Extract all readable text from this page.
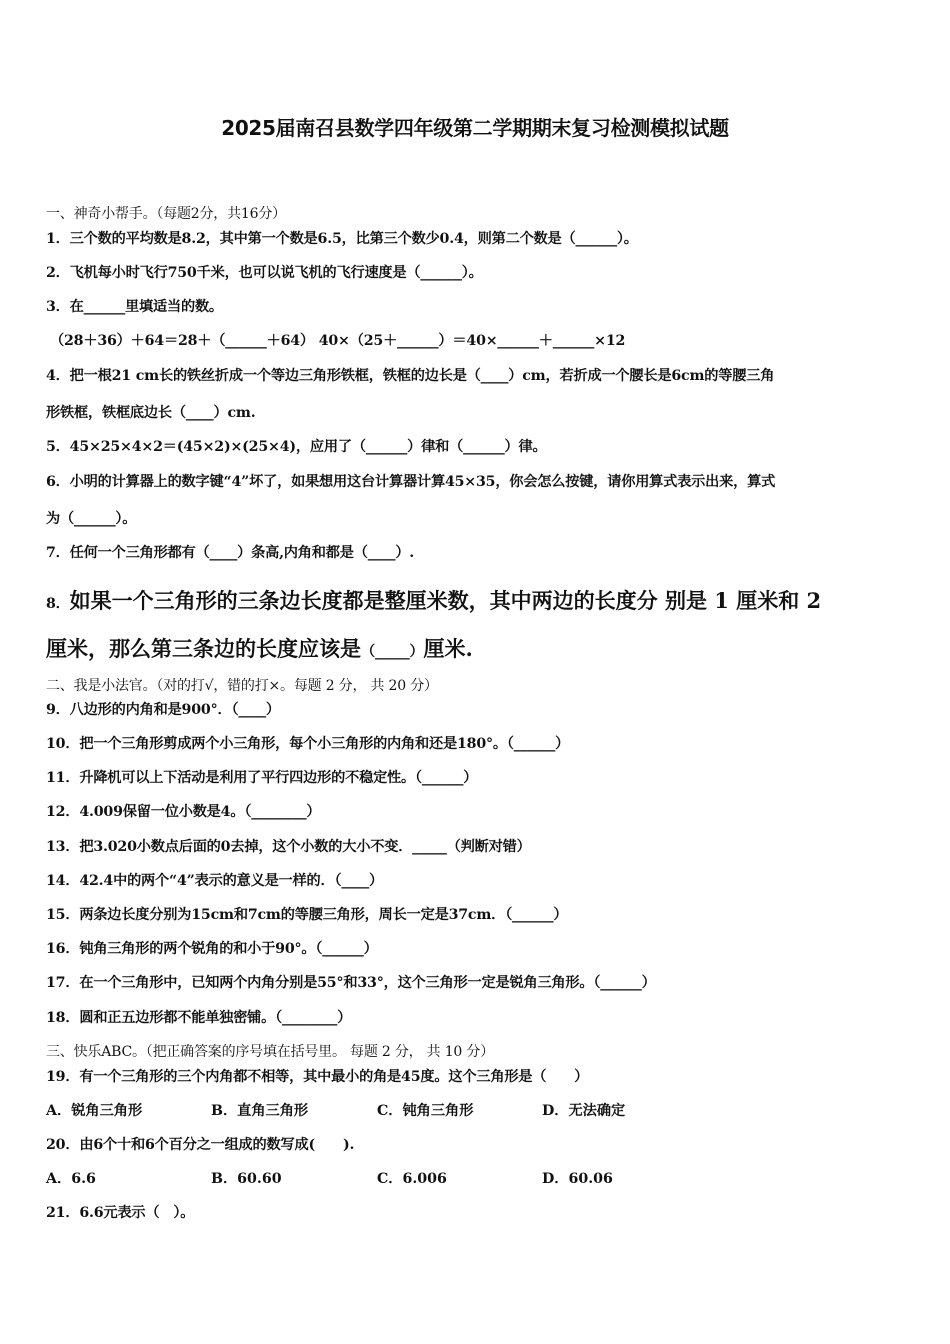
2025届南召县数学四年级第二学期期末复习检测模拟试题
一、神奇小帮手。（每题2分，共16分）
1．三个数的平均数是8.2，其中第一个数是6.5，比第三个数少0.4，则第二个数是（______）。
2．飞机每小时飞行750千米，也可以说飞机的飞行速度是（______）。
3．在______里填适当的数。
（28＋36）＋64＝28＋（______＋64） 40×（25＋______）＝40×______＋______×12
4．把一根21 cm长的铁丝折成一个等边三角形铁框，铁框的边长是（____）cm，若折成一个腰长是6cm的等腰三角
形铁框，铁框底边长（____）cm.
5．45×25×4×2＝(45×2)×(25×4)，应用了（______）律和（______）律。
6．小明的计算器上的数字键“4”坏了，如果想用这台计算器计算45×35，你会怎么按键，请你用算式表示出来，算式
为（______）。
7．任何一个三角形都有（____）条高,内角和都是（____）.
8．如果一个三角形的三条边长度都是整厘米数，其中两边的长度分 别是 1 厘米和 2
厘米，那么第三条边的长度应该是（_____）厘米.
二、我是小法官。（对的打√，错的打×。每题 2 分， 共 20 分）
9．八边形的内角和是900°．（____）
10．把一个三角形剪成两个小三角形，每个小三角形的内角和还是180°。（______）
11．升降机可以上下活动是利用了平行四边形的不稳定性。（______）
12．4.009保留一位小数是4。（________）
13．把3.020小数点后面的0去掉，这个小数的大小不变．_____（判断对错）
14．42.4中的两个“4”表示的意义是一样的．（____）
15．两条边长度分别为15cm和7cm的等腰三角形，周长一定是37cm．（______）
16．钝角三角形的两个锐角的和小于90°。（______）
17．在一个三角形中，已知两个内角分别是55°和33°，这个三角形一定是锐角三角形。（______）
18．圆和正五边形都不能单独密铺。（________）
三、快乐ABC。（把正确答案的序号填在括号里。 每题 2 分， 共 10 分）
19．有一个三角形的三个内角都不相等，其中最小的角是45度。这个三角形是（　　）
A．锐角三角形	B．直角三角形	C．钝角三角形	D．无法确定
20．由6个十和6个百分之一组成的数写成(　　).
A．6.6	B．60.60	C．6.006	D．60.06
21．6.6元表示（　）。
